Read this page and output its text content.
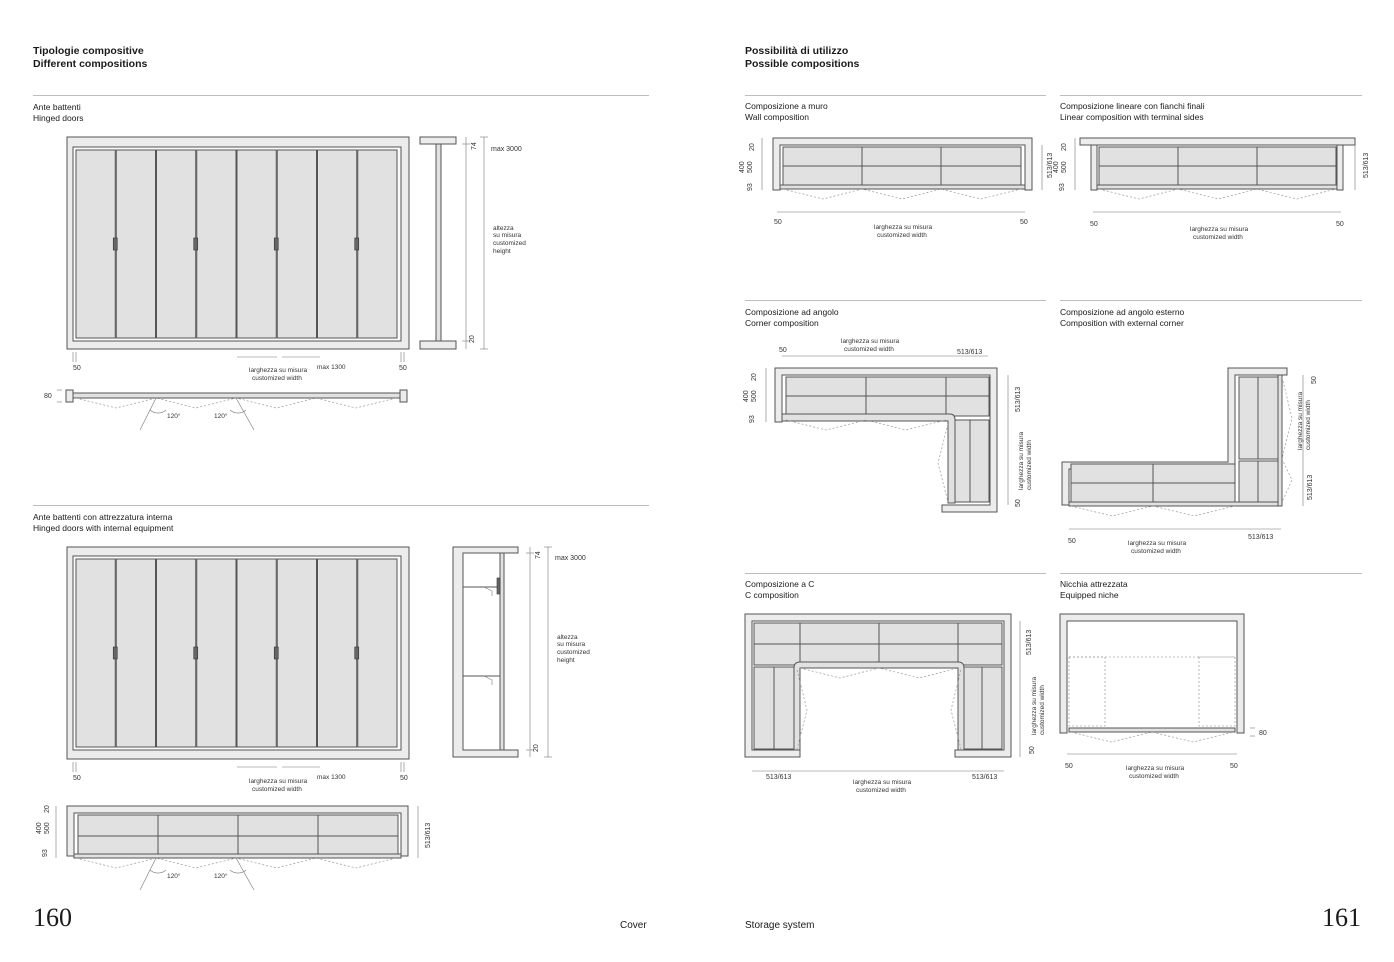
Tipologie compositive
Different compositions
Ante battenti
Hinged doors
74
20
max 3000
altezza
su misura
customized
height
50	50
larghezza su misura
customized width
max 1300
80
120°	120°
Ante battenti con attrezzatura interna
Hinged doors with internal equipment
74
20
max 3000
altezza
su misura
customized
height
50	50
larghezza su misura
customized width
max 1300
20
400 500
93
513/613
120°	120°
160	Cover
Possibilità di utilizzo
Possible compositions
Composizione a muro
Wall composition
Composizione lineare con fianchi finali
Linear composition with terminal sides
Composizione ad angolo
Corner composition
Composizione ad angolo esterno
Composition with external corner
Composizione a C
C composition
Nicchia attrezzata
Equipped niche
20
400 500
93
513/613
50	50
larghezza su misura
customized width
20
400 500
93
513/613
50	50
larghezza su misura
customized width
50
larghezza su misura
customized width	513/613
20
400 500
93
513/613
larghezza su misura customized width
50
50
larghezza su misura customized width
513/613
50	larghezza su misura
customized width
513/613
513/613
larghezza su misura customized width
50
513/613
larghezza su misura
customized width
513/613
80
50	50
larghezza su misura
customized width
Storage system	161
